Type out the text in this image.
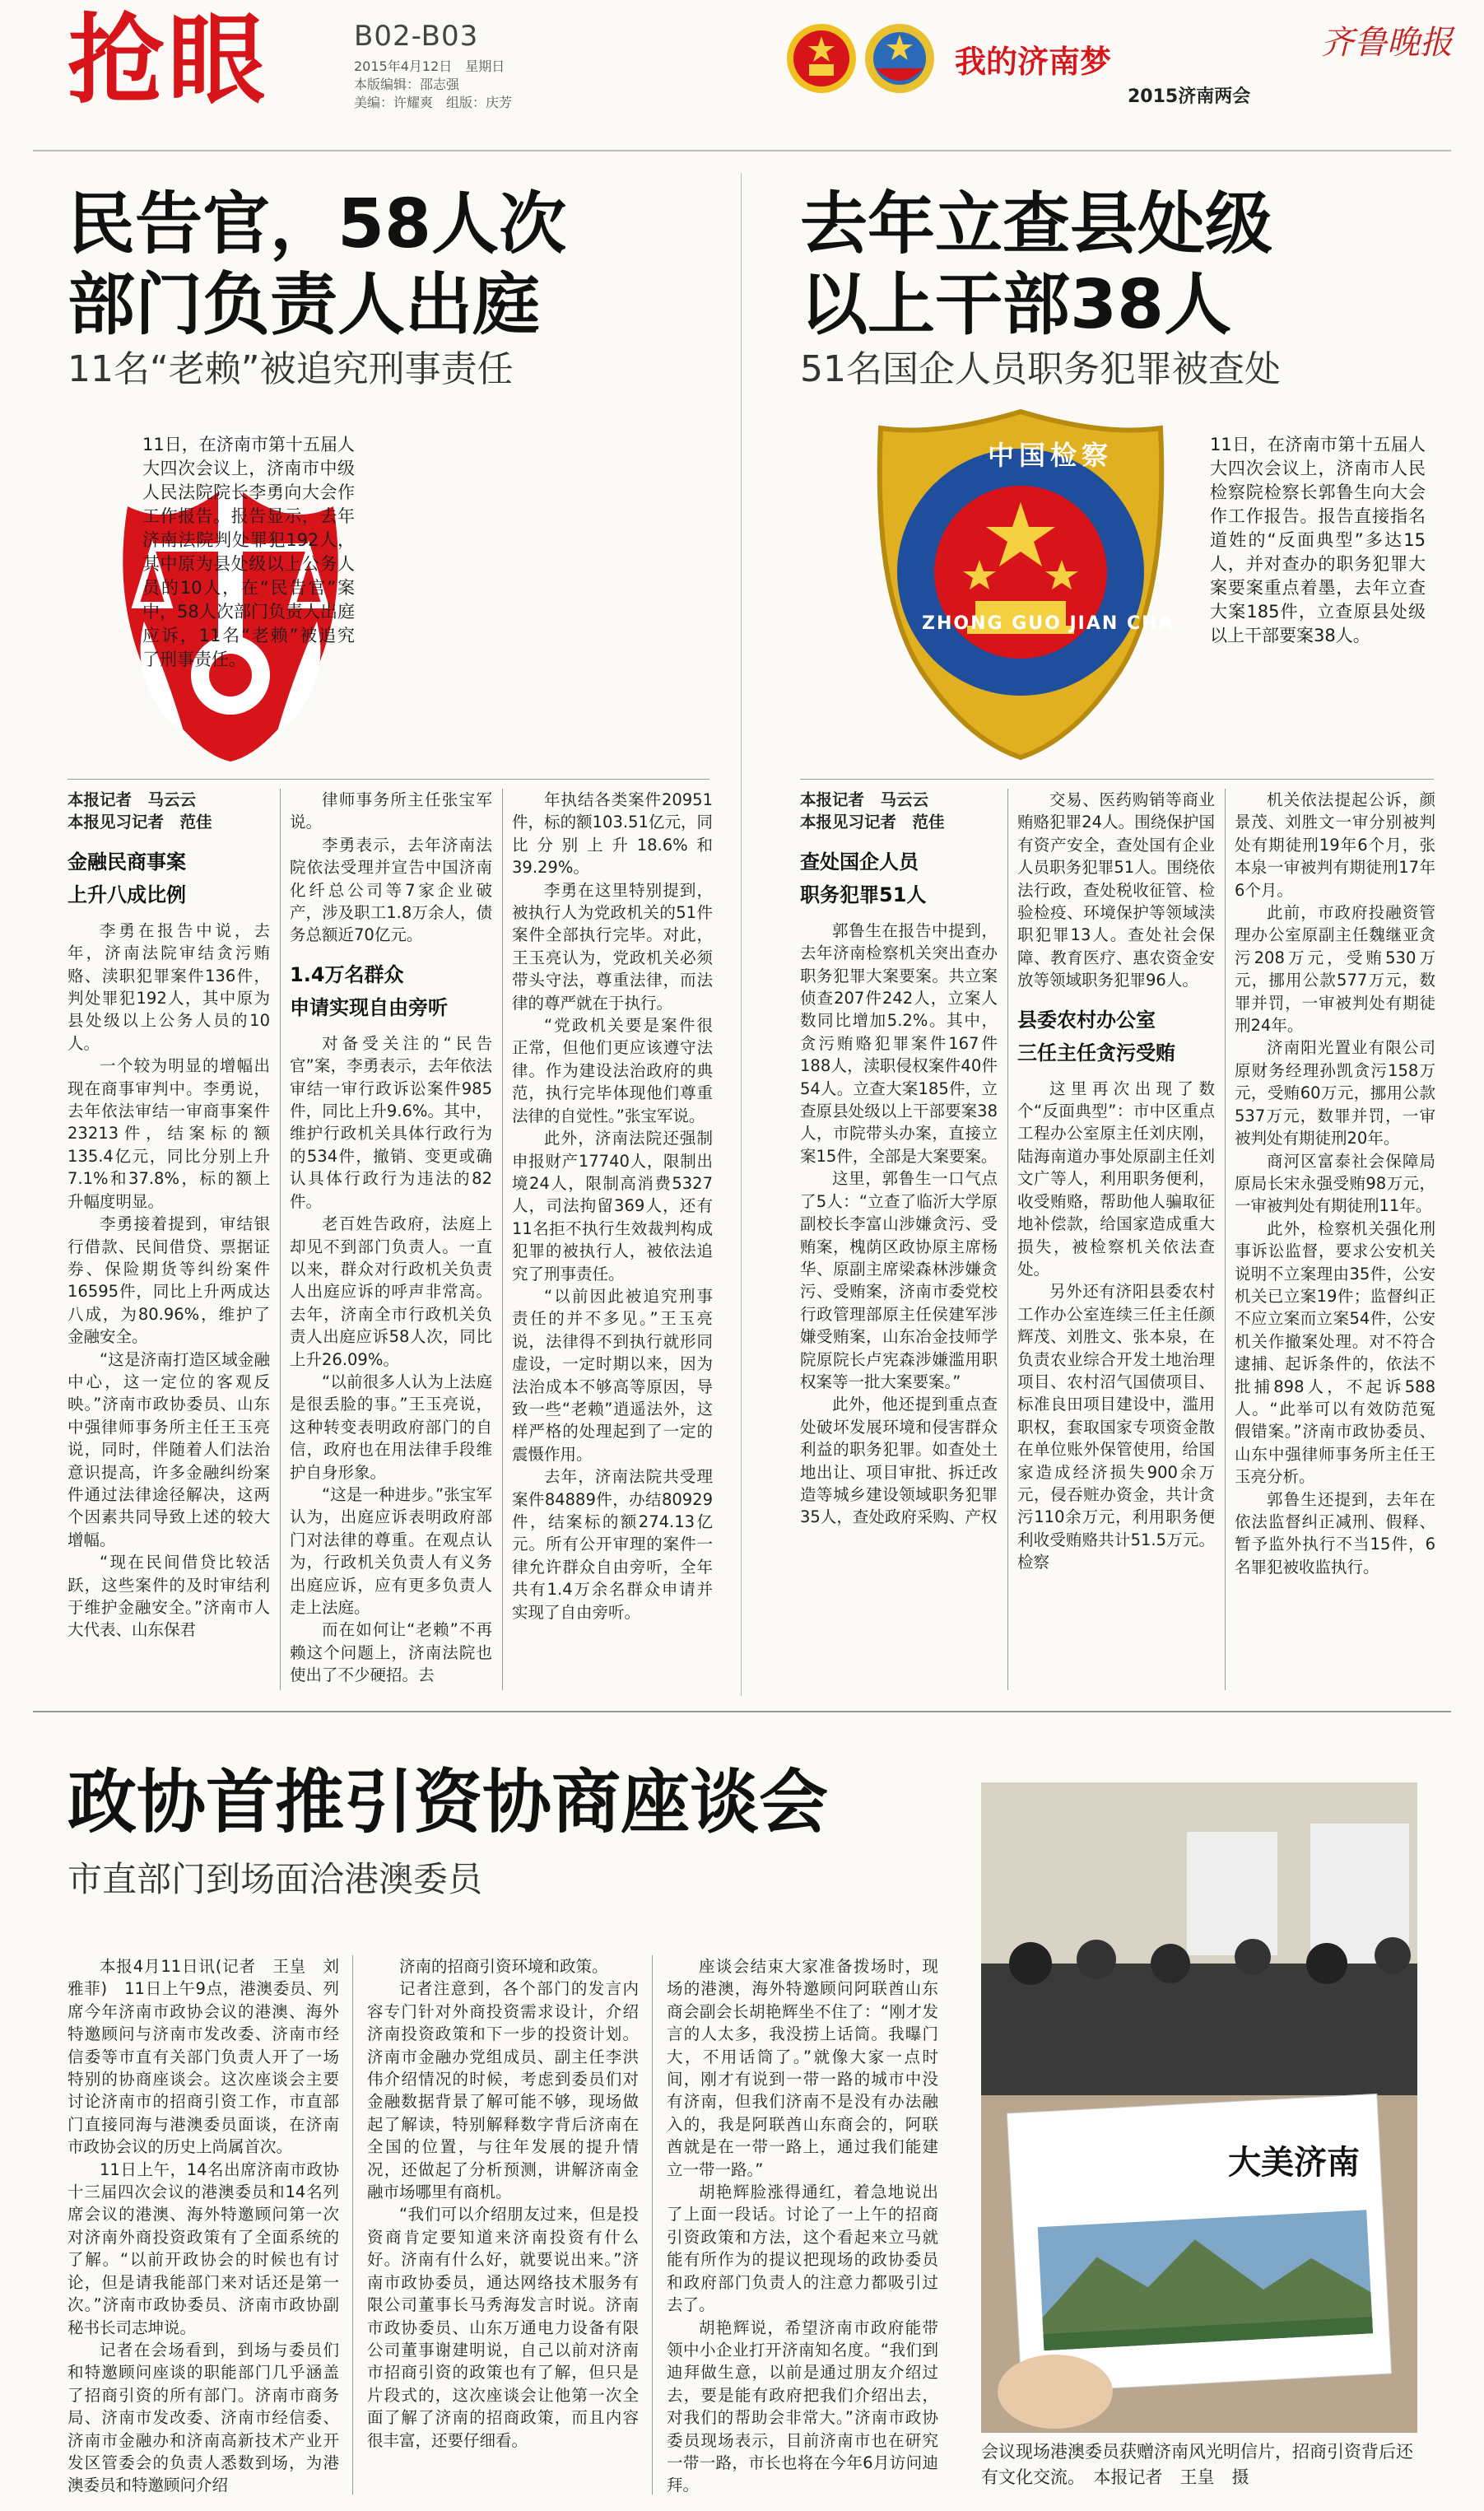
抢眼	B02-B03
2015年4月12日　星期日
本版编辑：邵志强
美编：许耀爽　组版：庆芳
我的济南梦	齐鲁晚报
2015济南两会
民告官，58人次
部门负责人出庭
11名“老赖”被追究刑事责任
11日，在济南市第十五届人大四次会议上，济南市中级人民法院院长李勇向大会作工作报告。报告显示，去年济南法院判处罪犯192人，其中原为县处级以上公务人员的10人，在“民告官”案中，58人次部门负责人出庭应诉，11名“老赖”被追究了刑事责任。

本报记者　马云云

本报见习记者　范佳

金融民商事案
上升八成比例

李勇在报告中说，去年，济南法院审结贪污贿赂、渎职犯罪案件136件，判处罪犯192人，其中原为县处级以上公务人员的10人。

一个较为明显的增幅出现在商事审判中。李勇说，去年依法审结一审商事案件23213件，结案标的额135.4亿元，同比分别上升7.1%和37.8%，标的额上升幅度明显。

李勇接着提到，审结银行借款、民间借贷、票据证券、保险期货等纠纷案件16595件，同比上升两成达八成，为80.96%，维护了金融安全。

“这是济南打造区域金融中心，这一定位的客观反映。”济南市政协委员、山东中强律师事务所主任王玉亮说，同时，伴随着人们法治意识提高，许多金融纠纷案件通过法律途径解决，这两个因素共同导致上述的较大增幅。

“现在民间借贷比较活跃，这些案件的及时审结利于维护金融安全。”济南市人大代表、山东保君

律师事务所主任张宝军说。

李勇表示，去年济南法院依法受理并宣告中国济南化纤总公司等7家企业破产，涉及职工1.8万余人，债务总额近70亿元。

1.4万名群众
申请实现自由旁听

对备受关注的“民告官”案，李勇表示，去年依法审结一审行政诉讼案件985件，同比上升9.6%。其中，维护行政机关具体行政行为的534件，撤销、变更或确认具体行政行为违法的82件。

老百姓告政府，法庭上却见不到部门负责人。一直以来，群众对行政机关负责人出庭应诉的呼声非常高。去年，济南全市行政机关负责人出庭应诉58人次，同比上升26.09%。

“以前很多人认为上法庭是很丢脸的事。”王玉亮说，这种转变表明政府部门的自信，政府也在用法律手段维护自身形象。

“这是一种进步。”张宝军认为，出庭应诉表明政府部门对法律的尊重。在观点认为，行政机关负责人有义务出庭应诉，应有更多负责人走上法庭。

而在如何让“老赖”不再赖这个问题上，济南法院也使出了不少硬招。去

年执结各类案件20951件，标的额103.51亿元，同比分别上升18.6%和39.29%。

李勇在这里特别提到，被执行人为党政机关的51件案件全部执行完毕。对此，王玉亮认为，党政机关必须带头守法，尊重法律，而法律的尊严就在于执行。

“党政机关要是案件很正常，但他们更应该遵守法律。作为建设法治政府的典范，执行完毕体现他们尊重法律的自觉性。”张宝军说。

此外，济南法院还强制申报财产17740人，限制出境24人，限制高消费5327人，司法拘留369人，还有11名拒不执行生效裁判构成犯罪的被执行人，被依法追究了刑事责任。

“以前因此被追究刑事责任的并不多见。”王玉亮说，法律得不到执行就形同虚设，一定时期以来，因为法治成本不够高等原因，导致一些“老赖”逍遥法外，这样严格的处理起到了一定的震慑作用。

去年，济南法院共受理案件84889件，办结80929件，结案标的额274.13亿元。所有公开审理的案件一律允许群众自由旁听，全年共有1.4万余名群众申请并实现了自由旁听。

去年立查县处级
以上干部38人
51名国企人员职务犯罪被查处
中国检察
ZHONG GUO JIAN CHA
11日，在济南市第十五届人大四次会议上，济南市人民检察院检察长郭鲁生向大会作工作报告。报告直接指名道姓的“反面典型”多达15人，并对查办的职务犯罪大案要案重点着墨，去年立查大案185件，立查原县处级以上干部要案38人。

本报记者　马云云

本报见习记者　范佳

查处国企人员
职务犯罪51人

郭鲁生在报告中提到，去年济南检察机关突出查办职务犯罪大案要案。共立案侦查207件242人，立案人数同比增加5.2%。其中，贪污贿赂犯罪案件167件188人，渎职侵权案件40件54人。立查大案185件，立查原县处级以上干部要案38人，市院带头办案，直接立案15件，全部是大案要案。

这里，郭鲁生一口气点了5人：“立查了临沂大学原副校长李富山涉嫌贪污、受贿案，槐荫区政协原主席杨华、原副主席梁森林涉嫌贪污、受贿案，济南市委党校行政管理部原主任侯建军涉嫌受贿案，山东冶金技师学院原院长卢宪森涉嫌滥用职权案等一批大案要案。”

此外，他还提到重点查处破坏发展环境和侵害群众利益的职务犯罪。如查处土地出让、项目审批、拆迁改造等城乡建设领域职务犯罪35人，查处政府采购、产权

交易、医药购销等商业贿赂犯罪24人。围绕保护国有资产安全，查处国有企业人员职务犯罪51人。围绕依法行政，查处税收征管、检验检疫、环境保护等领域渎职犯罪13人。查处社会保障、教育医疗、惠农资金安放等领域职务犯罪96人。

县委农村办公室
三任主任贪污受贿

这里再次出现了数个“反面典型”：市中区重点工程办公室原主任刘庆刚，陆海南道办事处原副主任刘文广等人，利用职务便利，收受贿赂，帮助他人骗取征地补偿款，给国家造成重大损失，被检察机关依法查处。

另外还有济阳县委农村工作办公室连续三任主任颜辉茂、刘胜文、张本泉，在负责农业综合开发土地治理项目、农村沼气国债项目、标准良田项目建设中，滥用职权，套取国家专项资金散在单位账外保管使用，给国家造成经济损失900余万元，侵吞赃办资金，共计贪污110余万元，利用职务便利收受贿赂共计51.5万元。检察

机关依法提起公诉，颜景茂、刘胜文一审分别被判处有期徒刑19年6个月，张本泉一审被判有期徒刑17年6个月。

此前，市政府投融资管理办公室原副主任魏继亚贪污208万元，受贿530万元，挪用公款577万元，数罪并罚，一审被判处有期徒刑24年。

济南阳光置业有限公司原财务经理孙凯贪污158万元，受贿60万元，挪用公款537万元，数罪并罚，一审被判处有期徒刑20年。

商河区富泰社会保障局原局长宋永强受贿98万元，一审被判处有期徒刑11年。

此外，检察机关强化刑事诉讼监督，要求公安机关说明不立案理由35件，公安机关已立案19件；监督纠正不应立案而立案54件，公安机关作撤案处理。对不符合逮捕、起诉条件的，依法不批捕898人，不起诉588人。“此举可以有效防范冤假错案。”济南市政协委员、山东中强律师事务所主任王玉亮分析。

郭鲁生还提到，去年在依法监督纠正减刑、假释、暂予监外执行不当15件，6名罪犯被收监执行。

政协首推引资协商座谈会
市直部门到场面洽港澳委员

本报4月11日讯(记者　王皇　刘雅菲)　11日上午9点，港澳委员、列席今年济南市政协会议的港澳、海外特邀顾问与济南市发改委、济南市经信委等市直有关部门负责人开了一场特别的协商座谈会。这次座谈会主要讨论济南市的招商引资工作，市直部门直接同海与港澳委员面谈，在济南市政协会议的历史上尚属首次。

11日上午，14名出席济南市政协十三届四次会议的港澳委员和14名列席会议的港澳、海外特邀顾问第一次对济南外商投资政策有了全面系统的了解。“以前开政协会的时候也有讨论，但是请我能部门来对话还是第一次。”济南市政协委员、济南市政协副秘书长司志坤说。

记者在会场看到，到场与委员们和特邀顾问座谈的职能部门几乎涵盖了招商引资的所有部门。济南市商务局、济南市发改委、济南市经信委、济南市金融办和济南高新技术产业开发区管委会的负责人悉数到场，为港澳委员和特邀顾问介绍

济南的招商引资环境和政策。

记者注意到，各个部门的发言内容专门针对外商投资需求设计，介绍济南投资政策和下一步的投资计划。济南市金融办党组成员、副主任李洪伟介绍情况的时候，考虑到委员们对金融数据背景了解可能不够，现场做起了解读，特别解释数字背后济南在全国的位置，与往年发展的提升情况，还做起了分析预测，讲解济南金融市场哪里有商机。

“我们可以介绍朋友过来，但是投资商肯定要知道来济南投资有什么好。济南有什么好，就要说出来。”济南市政协委员，通达网络技术服务有限公司董事长马秀海发言时说。济南市政协委员、山东万通电力设备有限公司董事谢建明说，自己以前对济南市招商引资的政策也有了解，但只是片段式的，这次座谈会让他第一次全面了解了济南的招商政策，而且内容很丰富，还要仔细看。

座谈会结束大家准备拨场时，现场的港澳，海外特邀顾问阿联酋山东商会副会长胡艳辉坐不住了：“刚才发言的人太多，我没捞上话筒。我曝门大，不用话筒了。”就像大家一点时间，刚才有说到一带一路的城市中没有济南，但我们济南不是没有办法融入的，我是阿联酋山东商会的，阿联酋就是在一带一路上，通过我们能建立一带一路。”

胡艳辉脸涨得通红，着急地说出了上面一段话。讨论了一上午的招商引资政策和方法，这个看起来立马就能有所作为的提议把现场的政协委员和政府部门负责人的注意力都吸引过去了。

胡艳辉说，希望济南市政府能带领中小企业打开济南知名度。“我们到迪拜做生意，以前是通过朋友介绍过去，要是能有政府把我们介绍出去，对我们的帮助会非常大。”济南市政协委员现场表示，目前济南市也在研究一带一路，市长也将在今年6月访问迪拜。

大美济南
会议现场港澳委员获赠济南风光明信片，招商引资背后还有文化交流。　本报记者　王皇　摄
